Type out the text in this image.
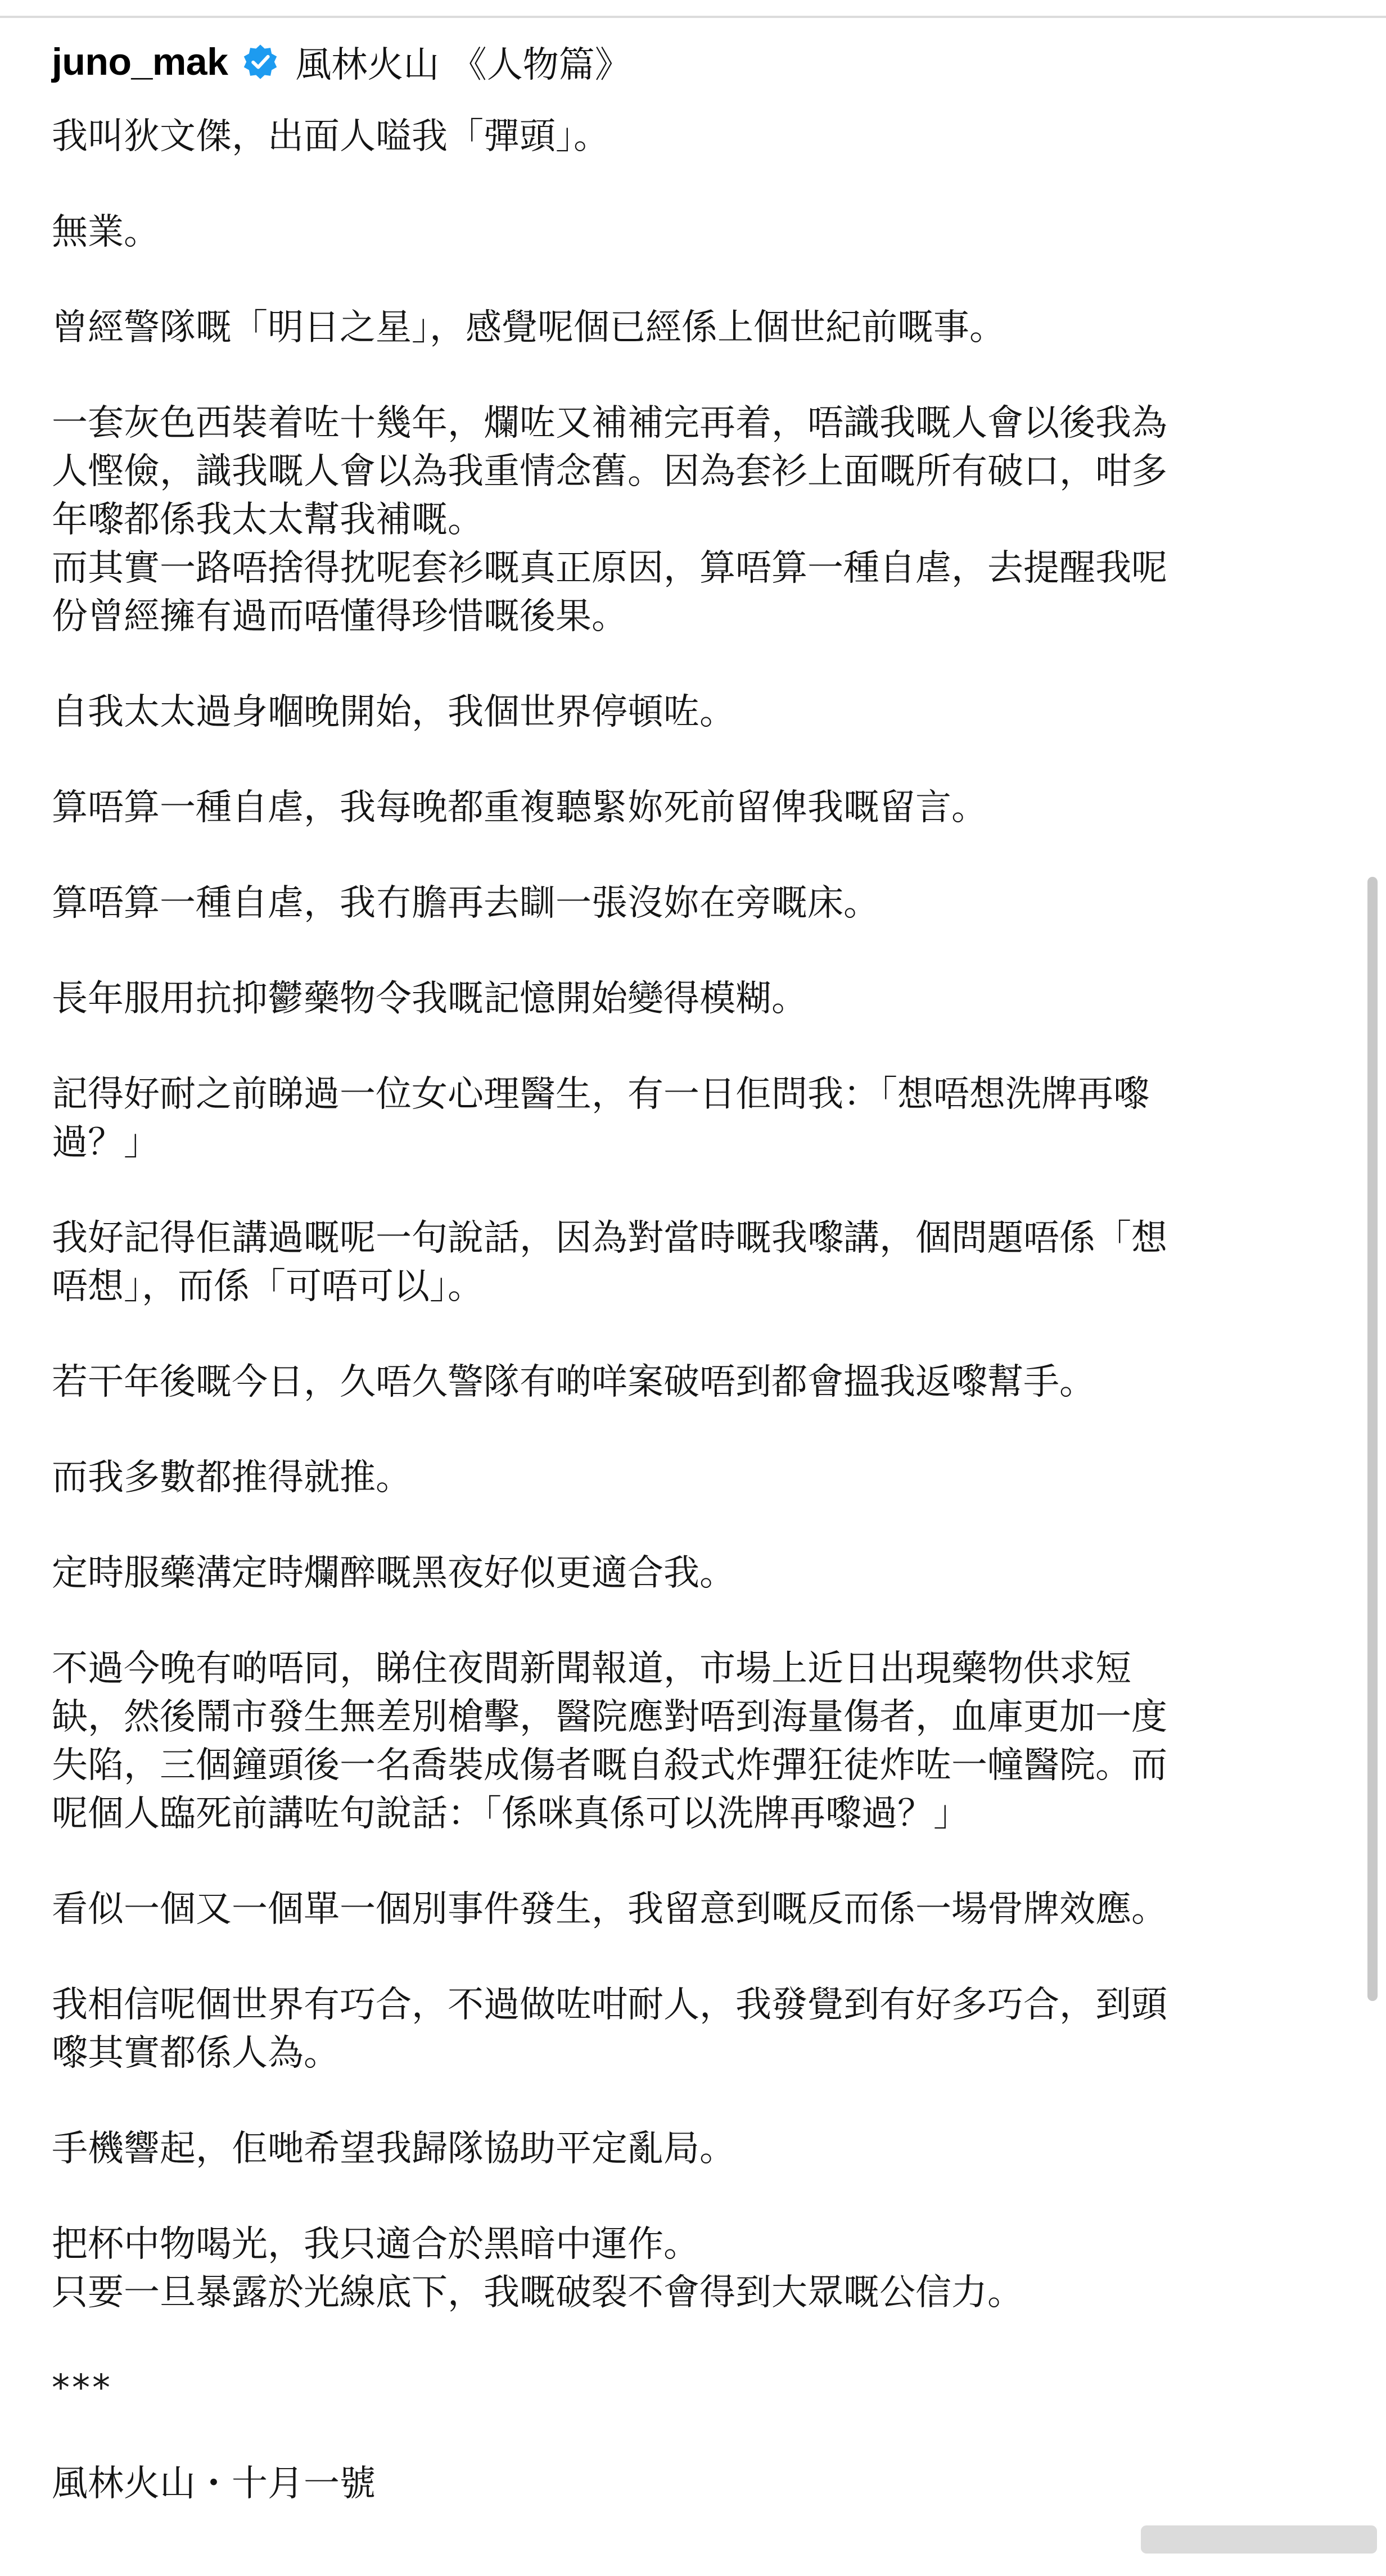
juno_mak 風林火山 《人物篇》
我叫狄文傑，出面人嗌我「彈頭」。
無業。
曾經警隊嘅「明日之星」，感覺呢個已經係上個世紀前嘅事。
一套灰色西裝着咗十幾年，爛咗又補補完再着，唔識我嘅人會以後我為
人慳儉，識我嘅人會以為我重情念舊。因為套衫上面嘅所有破口，咁多
年嚟都係我太太幫我補嘅。
而其實一路唔捨得抌呢套衫嘅真正原因，算唔算一種自虐，去提醒我呢
份曾經擁有過而唔懂得珍惜嘅後果。
自我太太過身嗰晚開始，我個世界停頓咗。
算唔算一種自虐，我每晚都重複聽緊妳死前留俾我嘅留言。
算唔算一種自虐，我冇膽再去瞓一張沒妳在旁嘅床。
長年服用抗抑鬱藥物令我嘅記憶開始變得模糊。
記得好耐之前睇過一位女心理醫生，有一日佢問我：「想唔想洗牌再嚟
過？」
我好記得佢講過嘅呢一句說話，因為對當時嘅我嚟講，個問題唔係「想
唔想」，而係「可唔可以」。
若干年後嘅今日，久唔久警隊有啲咩案破唔到都會搵我返嚟幫手。
而我多數都推得就推。
定時服藥溝定時爛醉嘅黑夜好似更適合我。
不過今晚有啲唔同，睇住夜間新聞報道，市場上近日出現藥物供求短
缺，然後鬧市發生無差別槍擊，醫院應對唔到海量傷者，血庫更加一度
失陷，三個鐘頭後一名喬裝成傷者嘅自殺式炸彈狂徒炸咗一幢醫院。而
呢個人臨死前講咗句說話：「係咪真係可以洗牌再嚟過？」
看似一個又一個單一個別事件發生，我留意到嘅反而係一場骨牌效應。
我相信呢個世界有巧合，不過做咗咁耐人，我發覺到有好多巧合，到頭
嚟其實都係人為。
手機響起，佢哋希望我歸隊協助平定亂局。
把杯中物喝光，我只適合於黑暗中運作。
只要一旦暴露於光線底下，我嘅破裂不會得到大眾嘅公信力。
***
風林火山・十月一號
